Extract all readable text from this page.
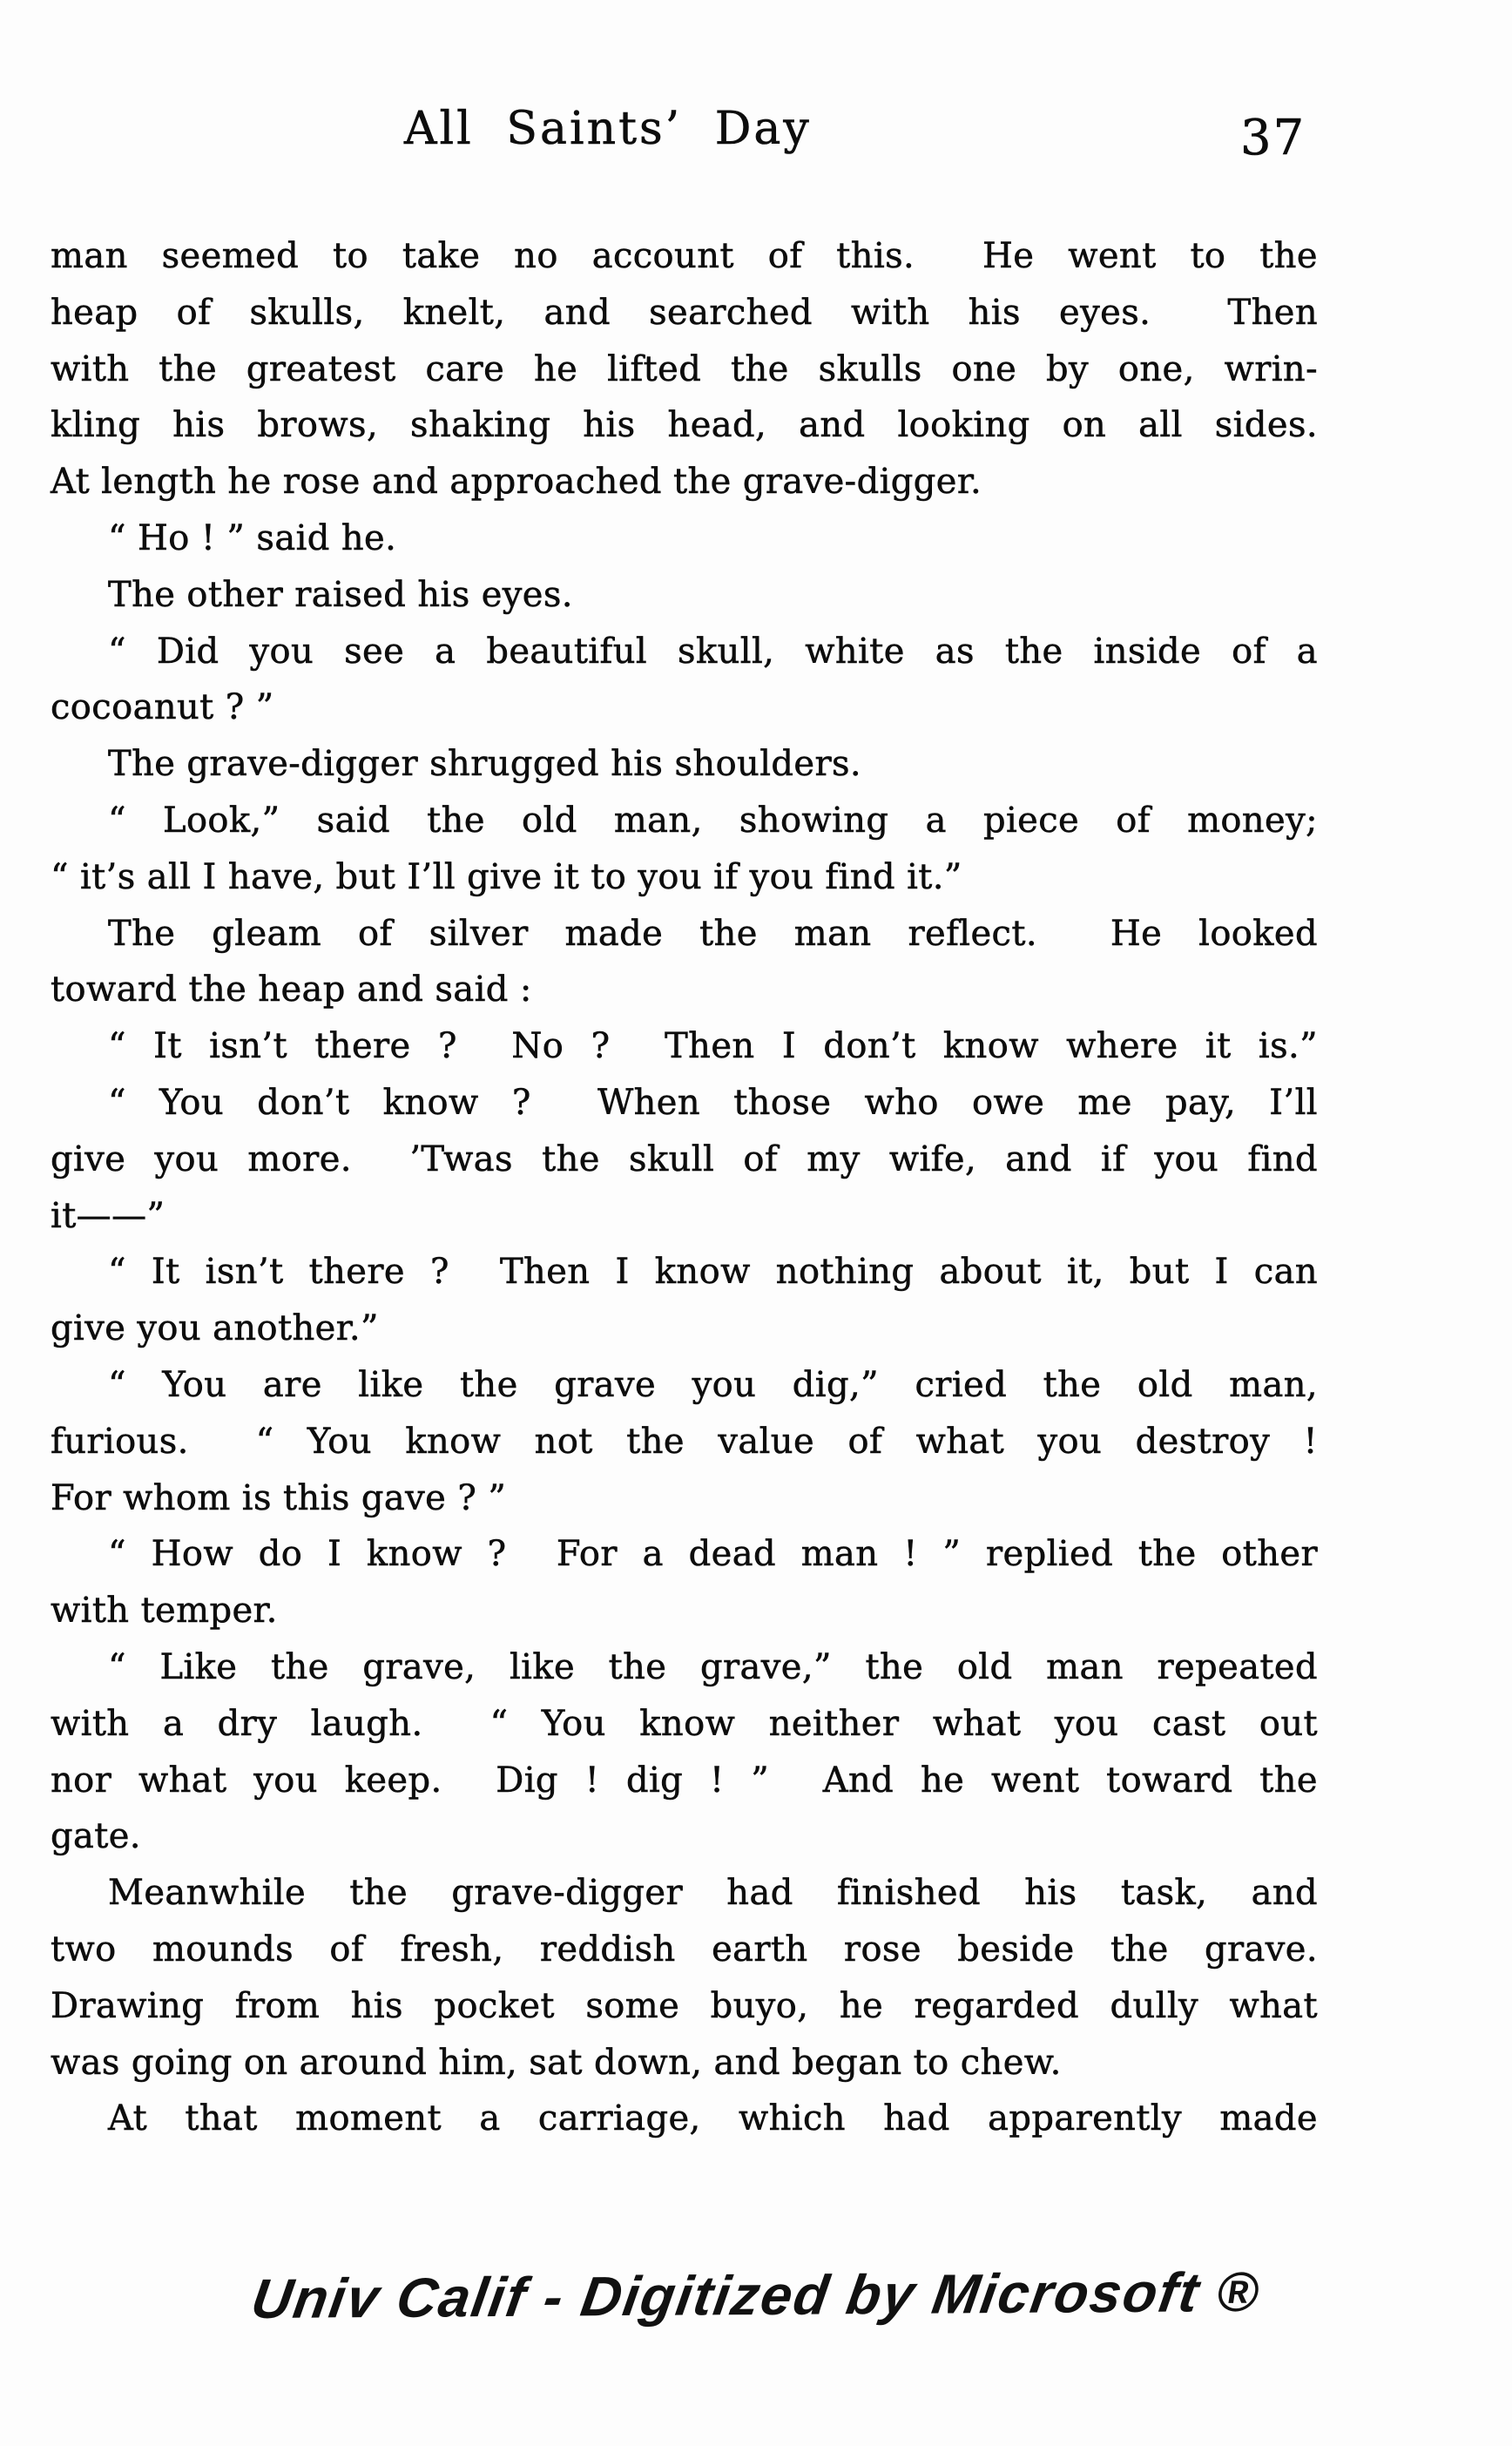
All Saints’ Day	37
man seemed to take no account of this.  He went to the
heap of skulls, knelt, and searched with his eyes.  Then
with the greatest care he lifted the skulls one by one, wrin-
kling his brows, shaking his head, and looking on all sides.
At length he rose and approached the grave-digger.
“ Ho ! ” said he.
The other raised his eyes.
“ Did you see a beautiful skull, white as the inside of a
cocoanut ? ”
The grave-digger shrugged his shoulders.
“ Look,” said the old man, showing a piece of money;
“ it’s all I have, but I’ll give it to you if you find it.”
The gleam of silver made the man reflect.  He looked
toward the heap and said :
“ It isn’t there ?  No ?  Then I don’t know where it is.”
“ You don’t know ?  When those who owe me pay, I’ll
give you more.  ’Twas the skull of my wife, and if you find
it——”
“ It isn’t there ?  Then I know nothing about it, but I can
give you another.”
“ You are like the grave you dig,” cried the old man,
furious.  “ You know not the value of what you destroy !
For whom is this gave ? ”
“ How do I know ?  For a dead man ! ” replied the other
with temper.
“ Like the grave, like the grave,” the old man repeated
with a dry laugh.  “ You know neither what you cast out
nor what you keep.  Dig ! dig ! ”  And he went toward the
gate.
Meanwhile the grave-digger had finished his task, and
two mounds of fresh, reddish earth rose beside the grave.
Drawing from his pocket some buyo, he regarded dully what
was going on around him, sat down, and began to chew.
At that moment a carriage, which had apparently made
Univ Calif - Digitized by Microsoft ®
